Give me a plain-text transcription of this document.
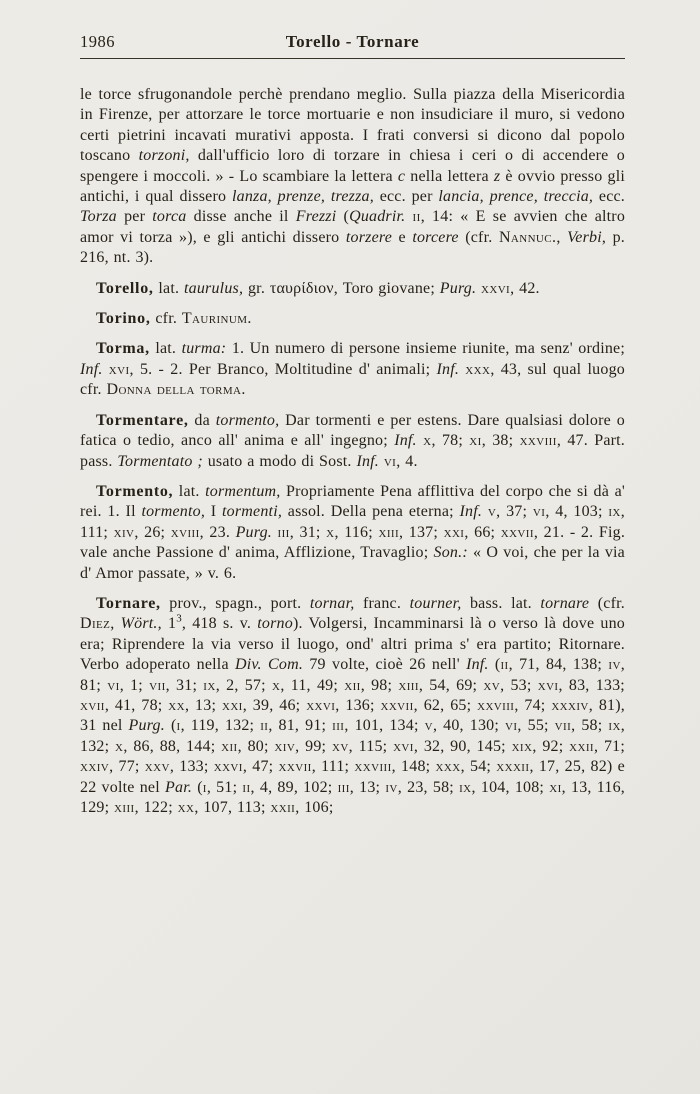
1986	Torello - Tornare

le torce sfrugonandole perchè prendano meglio. Sulla piazza della Misericordia in Firenze, per attorzare le torce mortuarie e non insudiciare il muro, si vedono certi pietrini incavati murativi apposta. I frati conversi si dicono dal popolo toscano torzoni, dall'ufficio loro di torzare in chiesa i ceri o di accendere o spengere i moccoli. » - Lo scambiare la lettera c nella lettera z è ovvio presso gli antichi, i qual dissero lanza, prenze, trezza, ecc. per lancia, prence, treccia, ecc. Torza per torca disse anche il Frezzi (Quadrir. ii, 14: « E se avvien che altro amor vi torza »), e gli antichi dissero torzere e torcere (cfr. Nannuc., Verbi, p. 216, nt. 3).

Torello, lat. taurulus, gr. ταυρίδιον, Toro giovane; Purg. xxvi, 42.

Torino, cfr. Taurinum.

Torma, lat. turma: 1. Un numero di persone insieme riunite, ma senz' ordine; Inf. xvi, 5. - 2. Per Branco, Moltitudine d' animali; Inf. xxx, 43, sul qual luogo cfr. Donna della torma.

Tormentare, da tormento, Dar tormenti e per estens. Dare qualsiasi dolore o fatica o tedio, anco all' anima e all' ingegno; Inf. x, 78; xi, 38; xxviii, 47. Part. pass. Tormentato ; usato a modo di Sost. Inf. vi, 4.

Tormento, lat. tormentum, Propriamente Pena afflittiva del corpo che si dà a' rei. 1. Il tormento, I tormenti, assol. Della pena eterna; Inf. v, 37; vi, 4, 103; ix, 111; xiv, 26; xviii, 23. Purg. iii, 31; x, 116; xiii, 137; xxi, 66; xxvii, 21. - 2. Fig. vale anche Passione d' anima, Afflizione, Travaglio; Son.: « O voi, che per la via d' Amor passate, » v. 6.

Tornare, prov., spagn., port. tornar, franc. tourner, bass. lat. tornare (cfr. Diez, Wört., $1^3$, 418 s. v. torno). Volgersi, Incamminarsi là o verso là dove uno era; Riprendere la via verso il luogo, ond' altri prima s' era partito; Ritornare. Verbo adoperato nella Div. Com. 79 volte, cioè 26 nell' Inf. (ii, 71, 84, 138; iv, 81; vi, 1; vii, 31; ix, 2, 57; x, 11, 49; xii, 98; xiii, 54, 69; xv, 53; xvi, 83, 133; xvii, 41, 78; xx, 13; xxi, 39, 46; xxvi, 136; xxvii, 62, 65; xxviii, 74; xxxiv, 81), 31 nel Purg. (i, 119, 132; ii, 81, 91; iii, 101, 134; v, 40, 130; vi, 55; vii, 58; ix, 132; x, 86, 88, 144; xii, 80; xiv, 99; xv, 115; xvi, 32, 90, 145; xix, 92; xxii, 71; xxiv, 77; xxv, 133; xxvi, 47; xxvii, 111; xxviii, 148; xxx, 54; xxxii, 17, 25, 82) e 22 volte nel Par. (i, 51; ii, 4, 89, 102; iii, 13; iv, 23, 58; ix, 104, 108; xi, 13, 116, 129; xiii, 122; xx, 107, 113; xxii, 106;
